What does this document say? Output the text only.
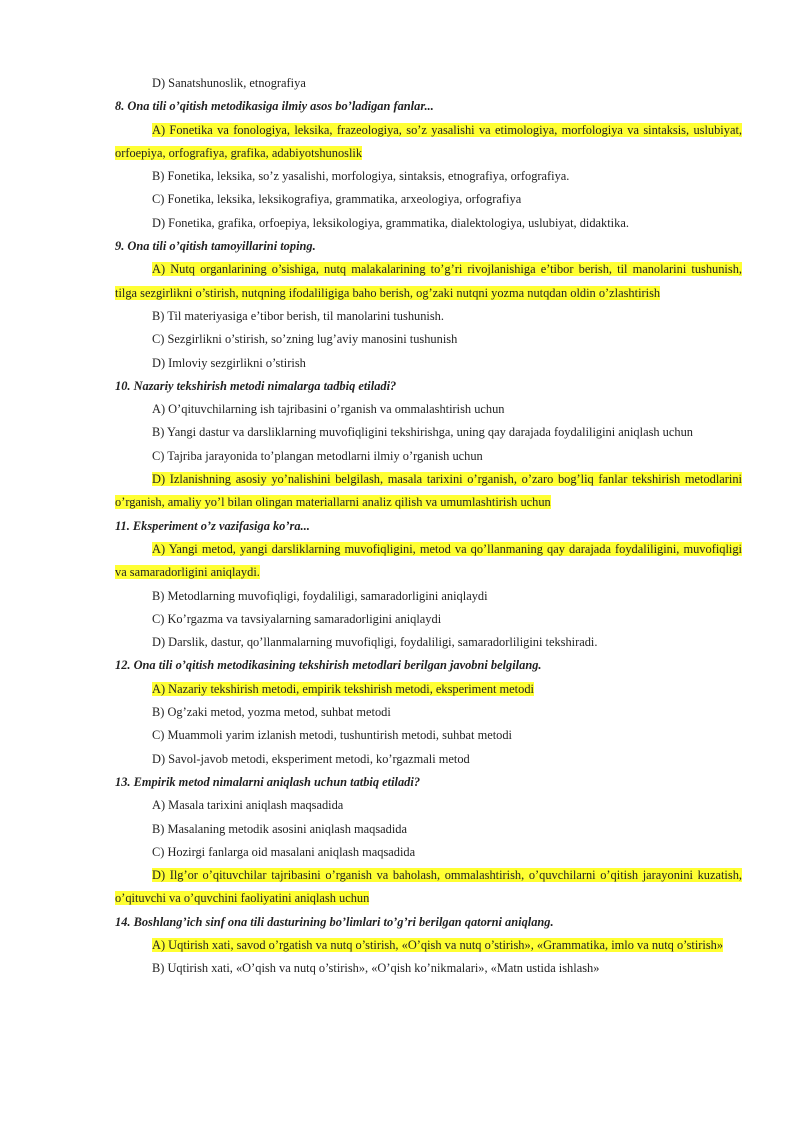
D) Sanatshunoslik, etnografiya
8. Ona tili o’qitish metodikasiga ilmiy asos bo’ladigan fanlar...
A) Fonetika va fonologiya, leksika, frazeologiya, so’z yasalishi va etimologiya, morfologiya va sintaksis, uslubiyat, orfoepiya, orfografiya, grafika, adabiyotshunoslik
B) Fonetika, leksika, so’z yasalishi, morfologiya, sintaksis, etnografiya, orfografiya.
C) Fonetika, leksika, leksikografiya, grammatika, arxeologiya, orfografiya
D) Fonetika, grafika, orfoepiya, leksikologiya, grammatika, dialektologiya, uslubiyat, didaktika.
9. Ona tili o’qitish tamoyillarini toping.
A) Nutq organlarining o’sishiga, nutq malakalarining to’g’ri rivojlanishiga e’tibor berish, til manolarini tushunish, tilga sezgirlikni o’stirish, nutqning ifodaliligiga baho berish, og’zaki nutqni yozma nutqdan oldin o’zlashtirish
B) Til materiyasiga e’tibor berish, til manolarini tushunish.
C) Sezgirlikni o’stirish, so’zning lug’aviy manosini tushunish
D) Imloviy sezgirlikni o’stirish
10. Nazariy tekshirish metodi nimalarga tadbiq etiladi?
A) O’qituvchilarning ish tajribasini o’rganish va ommalashtirish uchun
B) Yangi dastur va darsliklarning muvofiqligini tekshirishga, uning qay darajada foydaliligini aniqlash uchun
C) Tajriba jarayonida to’plangan metodlarni ilmiy o’rganish uchun
D) Izlanishning asosiy yo’nalishini belgilash, masala tarixini o’rganish, o’zaro bog’liq fanlar tekshirish metodlarini o’rganish, amaliy yo’l bilan olingan materiallarni analiz qilish va umumlashtirish uchun
11. Eksperiment o’z vazifasiga ko’ra...
A) Yangi metod, yangi darsliklarning muvofiqligini, metod va qo’llanmaning qay darajada foydaliligini, muvofiqligi va samaradorligini aniqlaydi.
B) Metodlarning muvofiqligi, foydaliligi, samaradorligini aniqlaydi
C) Ko’rgazma va tavsiyalarning samaradorligini aniqlaydi
D) Darslik, dastur, qo’llanmalarning muvofiqligi, foydaliligi, samaradorliligini tekshiradi.
12. Ona tili o’qitish metodikasining tekshirish metodlari berilgan javobni belgilang.
A) Nazariy tekshirish metodi, empirik tekshirish metodi, eksperiment metodi
B) Og’zaki metod, yozma metod, suhbat metodi
C) Muammoli yarim izlanish metodi, tushuntirish metodi, suhbat metodi
D) Savol-javob metodi, eksperiment metodi, ko’rgazmali metod
13. Empirik metod nimalarni aniqlash uchun tatbiq etiladi?
A) Masala tarixini aniqlash maqsadida
B) Masalaning metodik asosini aniqlash maqsadida
C) Hozirgi fanlarga oid masalani aniqlash maqsadida
D) Ilg’or o’qituvchilar tajribasini o’rganish va baholash, ommalashtirish, o’quvchilarni o’qitish jarayonini kuzatish, o’qituvchi va o’quvchini faoliyatini aniqlash uchun
14. Boshlang’ich sinf ona tili dasturining bo’limlari to’g’ri berilgan qatorni aniqlang.
A) Uqtirish xati, savod o’rgatish va nutq o’stirish, «O’qish va nutq o’stirish», «Grammatika, imlo va nutq o’stirish»
B) Uqtirish xati, «O’qish va nutq o’stirish», «O’qish ko’nikmalari», «Matn ustida ishlash»
